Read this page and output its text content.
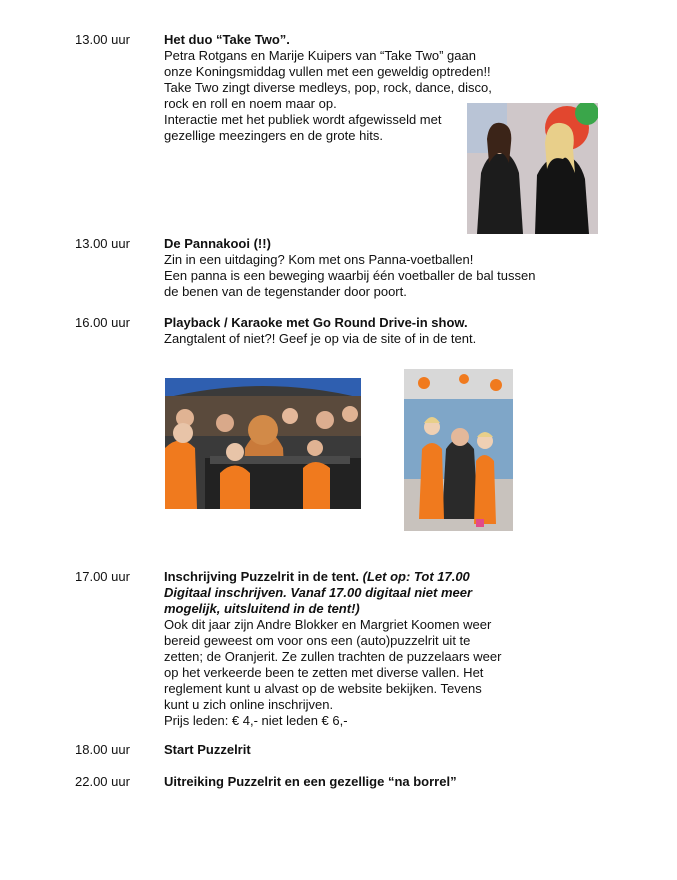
13.00 uur	Het duo “Take Two”.
Petra Rotgans en Marije Kuipers van “Take Two” gaan
onze Koningsmiddag vullen met een geweldig optreden!!
Take Two zingt diverse medleys, pop, rock, dance, disco,
rock en roll en noem maar op.
Interactie met het publiek wordt afgewisseld met
gezellige meezingers en de grote hits.
13.00 uur	De Pannakooi (!!)
Zin in een uitdaging? Kom met ons Panna-voetballen!
Een panna is een beweging waarbij één voetballer de bal tussen
de benen van de tegenstander door poort.
16.00 uur	Playback / Karaoke met Go Round Drive-in show.
Zangtalent of niet?! Geef je op via de site of in de tent.
17.00 uur	Inschrijving Puzzelrit in de tent. (Let op: Tot 17.00
Digitaal inschrijven. Vanaf 17.00 digitaal niet meer
mogelijk, uitsluitend in de tent!)
Ook dit jaar zijn Andre Blokker en Margriet Koomen weer
bereid geweest om voor ons een (auto)puzzelrit uit te
zetten; de Oranjerit. Ze zullen trachten de puzzelaars weer
op het verkeerde been te zetten met diverse vallen. Het
reglement kunt u alvast op de website bekijken. Tevens
kunt u zich online inschrijven.
Prijs leden: € 4,- niet leden € 6,-
18.00 uur	Start Puzzelrit
22.00 uur	Uitreiking Puzzelrit en een gezellige “na borrel”
